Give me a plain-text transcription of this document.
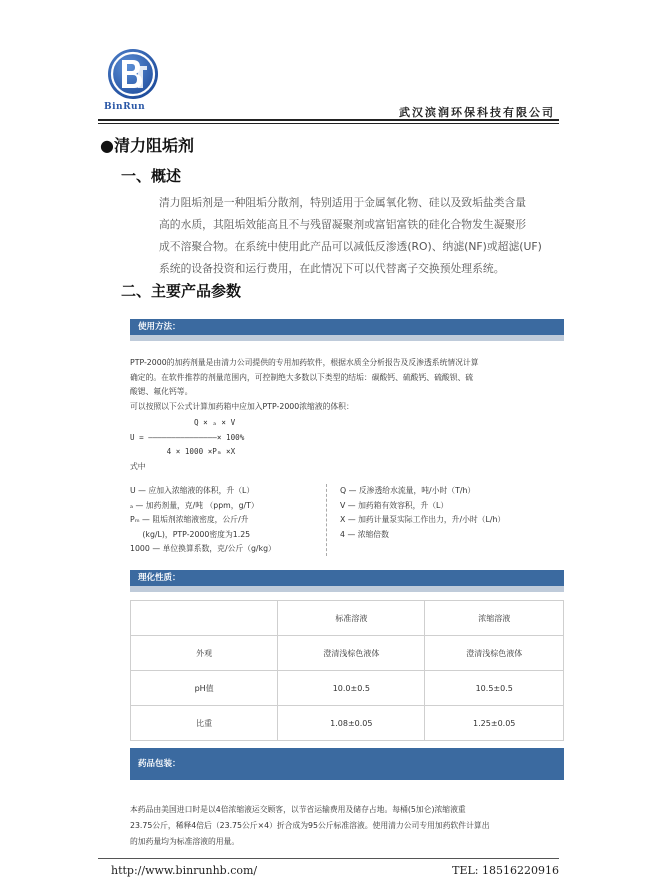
BinRun	武汉滨润环保科技有限公司
●清力阻垢剂
一、概述
清力阻垢剂是一种阻垢分散剂，特别适用于金属氧化物、硅以及致垢盐类含量
高的水质，其阻垢效能高且不与残留凝聚剂或富铝富铁的硅化合物发生凝聚形
成不溶聚合物。在系统中使用此产品可以减低反渗透(RO)、纳滤(NF)或超滤(UF)
系统的设备投资和运行费用，在此情况下可以代替离子交换预处理系统。
二、主要产品参数
使用方法：
PTP-2000的加药剂量是由清力公司提供的专用加药软件，根据水质全分析报告及反渗透系统情况计算
确定的。在软件推荐的剂量范围内，可控制绝大多数以下类型的结垢：碳酸钙、硫酸钙、硫酸钡、硫
酸锶、氟化钙等。
可以按照以下公式计算加药箱中应加入PTP-2000浓缩液的体积：
Q × ₐ × V
U = ———————————————× 100%
4 × 1000 ×Pₘ ×X
式中
U — 应加入浓缩液的体积，升（L）
ₐ — 加药剂量，克/吨 （ppm，g/T）
Pₘ — 阻垢剂浓缩液密度，公斤/升
(kg/L)，PTP-2000密度为1.25
1000 — 单位换算系数，克/公斤（g/kg）
Q — 反渗透给水流量，吨/小时（T/h）
V — 加药箱有效容积，升（L）
X — 加药计量泵实际工作出力，升/小时（L/h）
4 — 浓缩倍数
理化性质：
	标准溶液	浓缩溶液
外观	澄清浅棕色液体	澄清浅棕色液体
pH值	10.0±0.5	10.5±0.5
比重	1.08±0.05	1.25±0.05
药品包装：
本药品由美国进口时是以4倍浓缩液运交顾客，以节省运输费用及储存占地。每桶(5加仑)浓缩液重
23.75公斤，稀释4倍后（23.75公斤×4）折合成为95公斤标准溶液。使用清力公司专用加药软件计算出
的加药量均为标准溶液的用量。
http://www.binrunhb.com/	TEL: 18516220916
